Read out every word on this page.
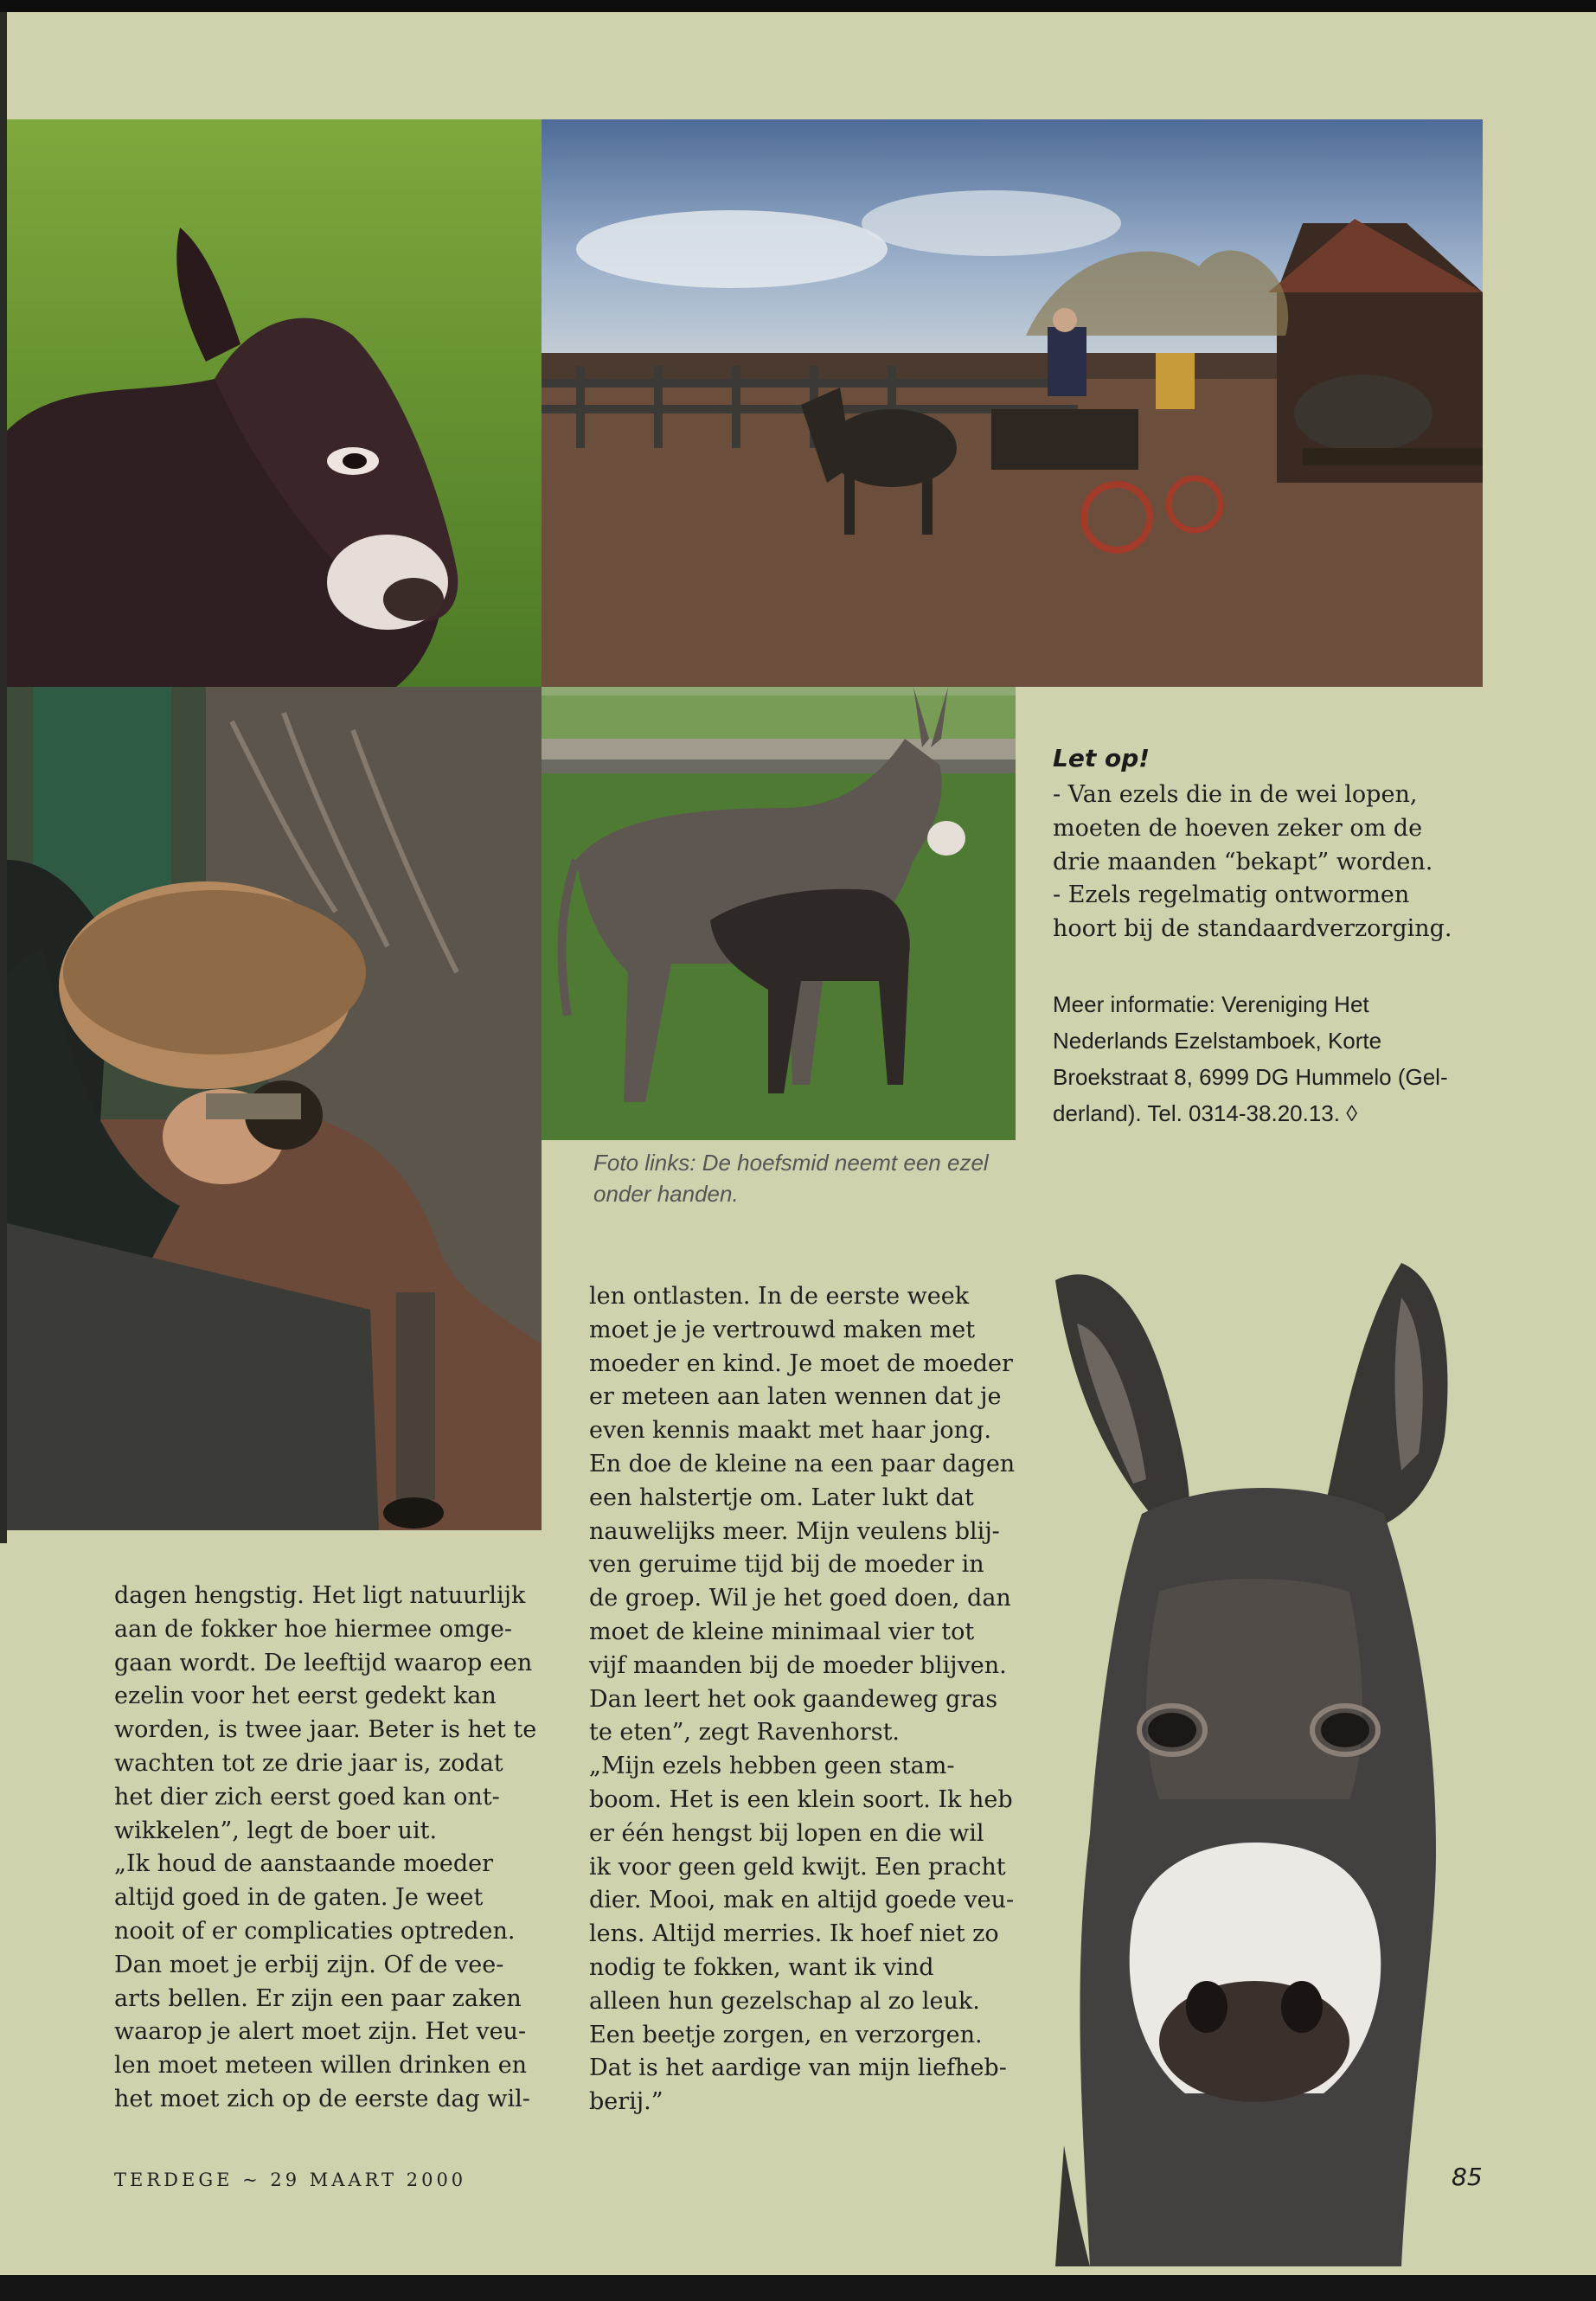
Let op!
- Van ezels die in de wei lopen,
moeten de hoeven zeker om de
drie maanden “bekapt” worden.
- Ezels regelmatig ontwormen
hoort bij de standaardverzorging.
Meer informatie: Vereniging Het
Nederlands Ezelstamboek, Korte
Broekstraat 8, 6999 DG Hummelo (Gel-
derland). Tel. 0314-38.20.13. ◊
Foto links: De hoefsmid neemt een ezel
onder handen.
dagen hengstig. Het ligt natuurlijk
aan de fokker hoe hiermee omge-
gaan wordt. De leeftijd waarop een
ezelin voor het eerst gedekt kan
worden, is twee jaar. Beter is het te
wachten tot ze drie jaar is, zodat
het dier zich eerst goed kan ont-
wikkelen”, legt de boer uit.
„Ik houd de aanstaande moeder
altijd goed in de gaten. Je weet
nooit of er complicaties optreden.
Dan moet je erbij zijn. Of de vee-
arts bellen. Er zijn een paar zaken
waarop je alert moet zijn. Het veu-
len moet meteen willen drinken en
het moet zich op de eerste dag wil-
len ontlasten. In de eerste week
moet je je vertrouwd maken met
moeder en kind. Je moet de moeder
er meteen aan laten wennen dat je
even kennis maakt met haar jong.
En doe de kleine na een paar dagen
een halstertje om. Later lukt dat
nauwelijks meer. Mijn veulens blij-
ven geruime tijd bij de moeder in
de groep. Wil je het goed doen, dan
moet de kleine minimaal vier tot
vijf maanden bij de moeder blijven.
Dan leert het ook gaandeweg gras
te eten”, zegt Ravenhorst.
„Mijn ezels hebben geen stam-
boom. Het is een klein soort. Ik heb
er één hengst bij lopen en die wil
ik voor geen geld kwijt. Een pracht
dier. Mooi, mak en altijd goede veu-
lens. Altijd merries. Ik hoef niet zo
nodig te fokken, want ik vind
alleen hun gezelschap al zo leuk.
Een beetje zorgen, en verzorgen.
Dat is het aardige van mijn liefheb-
berij.”
TERDEGE ~ 29 MAART 2000	85
